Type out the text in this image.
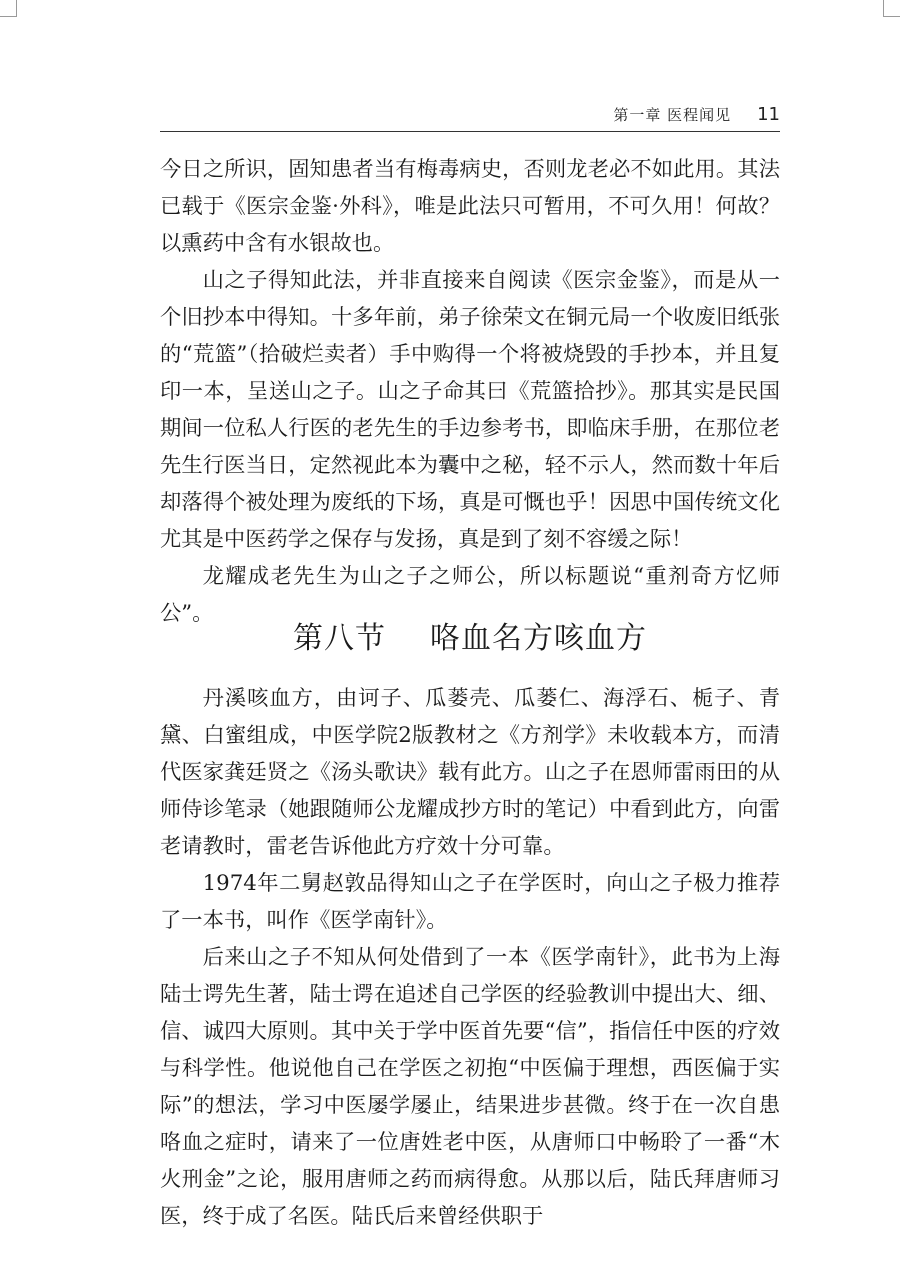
第一章 医程闻见 11

今日之所识，固知患者当有梅毒病史，否则龙老必不如此用。其法已载于《医宗金鉴·外科》，唯是此法只可暂用，不可久用！何故？以熏药中含有水银故也。

山之子得知此法，并非直接来自阅读《医宗金鉴》，而是从一个旧抄本中得知。十多年前，弟子徐荣文在铜元局一个收废旧纸张的“荒篮”（拾破烂卖者）手中购得一个将被烧毁的手抄本，并且复印一本，呈送山之子。山之子命其曰《荒篮拾抄》。那其实是民国期间一位私人行医的老先生的手边参考书，即临床手册，在那位老先生行医当日，定然视此本为囊中之秘，轻不示人，然而数十年后却落得个被处理为废纸的下场，真是可慨也乎！因思中国传统文化尤其是中医药学之保存与发扬，真是到了刻不容缓之际！

龙耀成老先生为山之子之师公，所以标题说“重剂奇方忆师公”。

第八节 咯血名方咳血方

丹溪咳血方，由诃子、瓜蒌壳、瓜蒌仁、海浮石、栀子、青黛、白蜜组成，中医学院2版教材之《方剂学》未收载本方，而清代医家龚廷贤之《汤头歌诀》载有此方。山之子在恩师雷雨田的从师侍诊笔录（她跟随师公龙耀成抄方时的笔记）中看到此方，向雷老请教时，雷老告诉他此方疗效十分可靠。

1974年二舅赵敦品得知山之子在学医时，向山之子极力推荐了一本书，叫作《医学南针》。

后来山之子不知从何处借到了一本《医学南针》，此书为上海陆士谔先生著，陆士谔在追述自己学医的经验教训中提出大、细、信、诚四大原则。其中关于学中医首先要“信”，指信任中医的疗效与科学性。他说他自己在学医之初抱“中医偏于理想，西医偏于实际”的想法，学习中医屡学屡止，结果进步甚微。终于在一次自患咯血之症时，请来了一位唐姓老中医，从唐师口中畅聆了一番“木火刑金”之论，服用唐师之药而病得愈。从那以后，陆氏拜唐师习医，终于成了名医。陆氏后来曾经供职于
